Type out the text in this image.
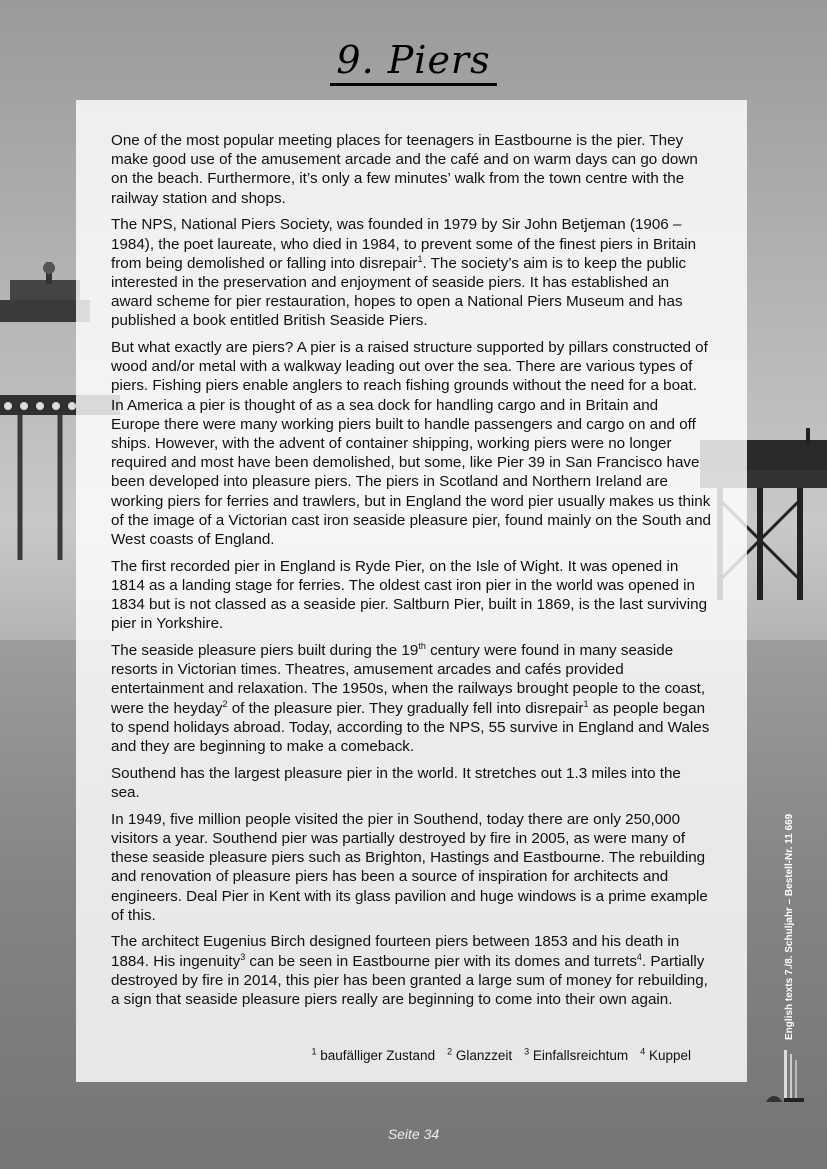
9. Piers

One of the most popular meeting places for teenagers in Eastbourne is the pier. They make good use of the amusement arcade and the café and on warm days can go down on the beach. Furthermore, it’s only a few minutes’ walk from the town centre with the railway station and shops.

The NPS, National Piers Society, was founded in 1979 by Sir John Betjeman (1906 – 1984), the poet laureate, who died in 1984, to prevent some of the finest piers in Britain from being demolished or falling into disrepair$^1$. The society’s aim is to keep the public interested in the preservation and enjoyment of seaside piers. It has established an award scheme for pier restauration, hopes to open a National Piers Museum and has published a book entitled British Seaside Piers.

But what exactly are piers? A pier is a raised structure supported by pillars constructed of wood and/or metal with a walkway leading out over the sea. There are various types of piers. Fishing piers enable anglers to reach fishing grounds without the need for a boat. In America a pier is thought of as a sea dock for handling cargo and in Britain and Europe there were many working piers built to handle passengers and cargo on and off ships. However, with the advent of container shipping, working piers were no longer required and most have been demolished, but some, like Pier 39 in San Francisco have been developed into pleasure piers. The piers in Scotland and Northern Ireland are working piers for ferries and trawlers, but in England the word pier usually makes us think of the image of a Victorian cast iron seaside pleasure pier, found mainly on the South and West coasts of England.

The first recorded pier in England is Ryde Pier, on the Isle of Wight. It was opened in 1814 as a landing stage for ferries. The oldest cast iron pier in the world was opened in 1834 but is not classed as a seaside pier. Saltburn Pier, built in 1869, is the last surviving pier in Yorkshire.

The seaside pleasure piers built during the 19th century were found in many seaside resorts in Victorian times. Theatres, amusement arcades and cafés provided entertainment and relaxation. The 1950s, when the railways brought people to the coast, were the heyday$^2$ of the pleasure pier. They gradually fell into disrepair$^1$ as people began to spend holidays abroad. Today, according to the NPS, 55 survive in England and Wales and they are beginning to make a comeback.

Southend has the largest pleasure pier in the world. It stretches out 1.3 miles into the sea.

In 1949, five million people visited the pier in Southend, today there are only 250,000 visitors a year. Southend pier was partially destroyed by fire in 2005, as were many of these seaside pleasure piers such as Brighton, Hastings and Eastbourne. The rebuilding and renovation of pleasure piers has been a source of inspiration for architects and engineers. Deal Pier in Kent with its glass pavilion and huge windows is a prime example of this.

The architect Eugenius Birch designed fourteen piers between 1853 and his death in 1884. His ingenuity$^3$ can be seen in Eastbourne pier with its domes and turrets$^4$. Partially destroyed by fire in 2014, this pier has been granted a large sum of money for rebuilding, a sign that seaside pleasure piers really are beginning to come into their own again.

$^1$ baufälliger Zustand $^2$ Glanzzeit $^3$ Einfallsreichtum $^4$ Kuppel
English texts 7./8. Schuljahr – Bestell-Nr. 11 669
Seite 34
